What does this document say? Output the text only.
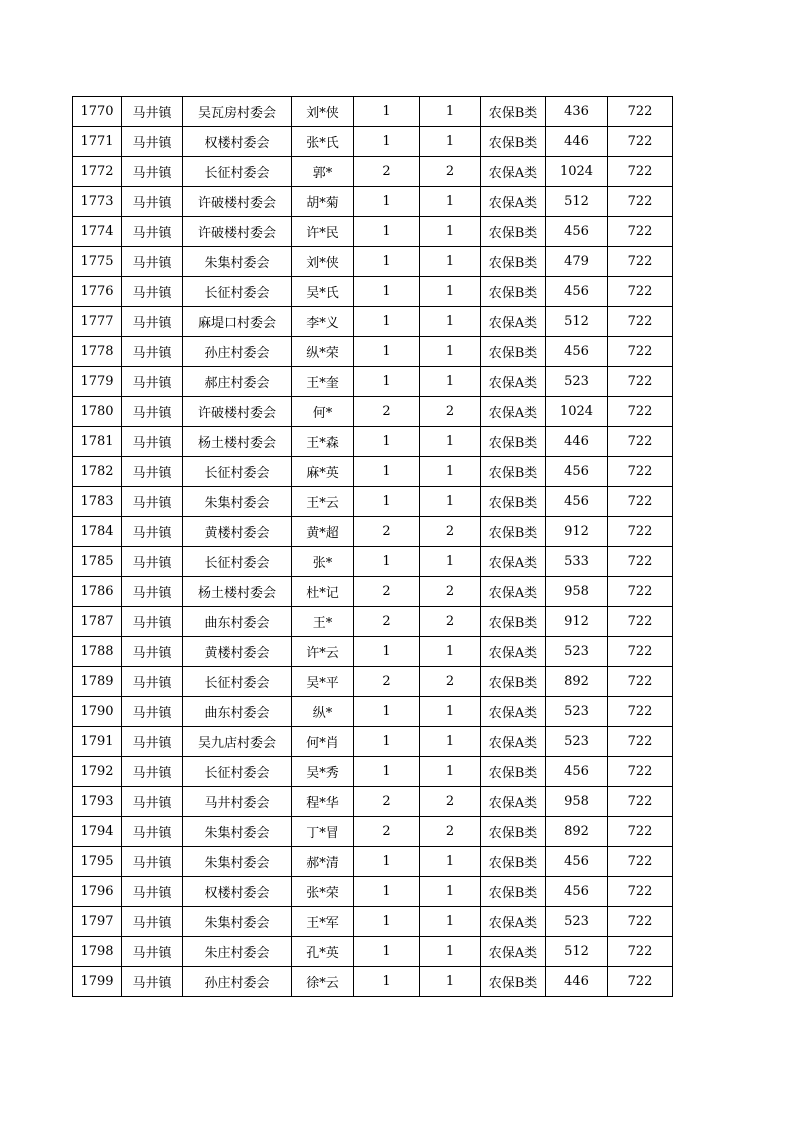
1770	马井镇	吴瓦房村委会	刘*侠	1	1	农保B类	436	722
1771	马井镇	权楼村委会	张*氏	1	1	农保B类	446	722
1772	马井镇	长征村委会	郭*	2	2	农保A类	1024	722
1773	马井镇	许破楼村委会	胡*菊	1	1	农保A类	512	722
1774	马井镇	许破楼村委会	许*民	1	1	农保B类	456	722
1775	马井镇	朱集村委会	刘*侠	1	1	农保B类	479	722
1776	马井镇	长征村委会	吴*氏	1	1	农保B类	456	722
1777	马井镇	麻堤口村委会	李*义	1	1	农保A类	512	722
1778	马井镇	孙庄村委会	纵*荣	1	1	农保B类	456	722
1779	马井镇	郝庄村委会	王*奎	1	1	农保A类	523	722
1780	马井镇	许破楼村委会	何*	2	2	农保A类	1024	722
1781	马井镇	杨土楼村委会	王*森	1	1	农保B类	446	722
1782	马井镇	长征村委会	麻*英	1	1	农保B类	456	722
1783	马井镇	朱集村委会	王*云	1	1	农保B类	456	722
1784	马井镇	黄楼村委会	黄*超	2	2	农保B类	912	722
1785	马井镇	长征村委会	张*	1	1	农保A类	533	722
1786	马井镇	杨土楼村委会	杜*记	2	2	农保A类	958	722
1787	马井镇	曲东村委会	王*	2	2	农保B类	912	722
1788	马井镇	黄楼村委会	许*云	1	1	农保A类	523	722
1789	马井镇	长征村委会	吴*平	2	2	农保B类	892	722
1790	马井镇	曲东村委会	纵*	1	1	农保A类	523	722
1791	马井镇	吴九店村委会	何*肖	1	1	农保A类	523	722
1792	马井镇	长征村委会	吴*秀	1	1	农保B类	456	722
1793	马井镇	马井村委会	程*华	2	2	农保A类	958	722
1794	马井镇	朱集村委会	丁*冒	2	2	农保B类	892	722
1795	马井镇	朱集村委会	郝*清	1	1	农保B类	456	722
1796	马井镇	权楼村委会	张*荣	1	1	农保B类	456	722
1797	马井镇	朱集村委会	王*军	1	1	农保A类	523	722
1798	马井镇	朱庄村委会	孔*英	1	1	农保A类	512	722
1799	马井镇	孙庄村委会	徐*云	1	1	农保B类	446	722
